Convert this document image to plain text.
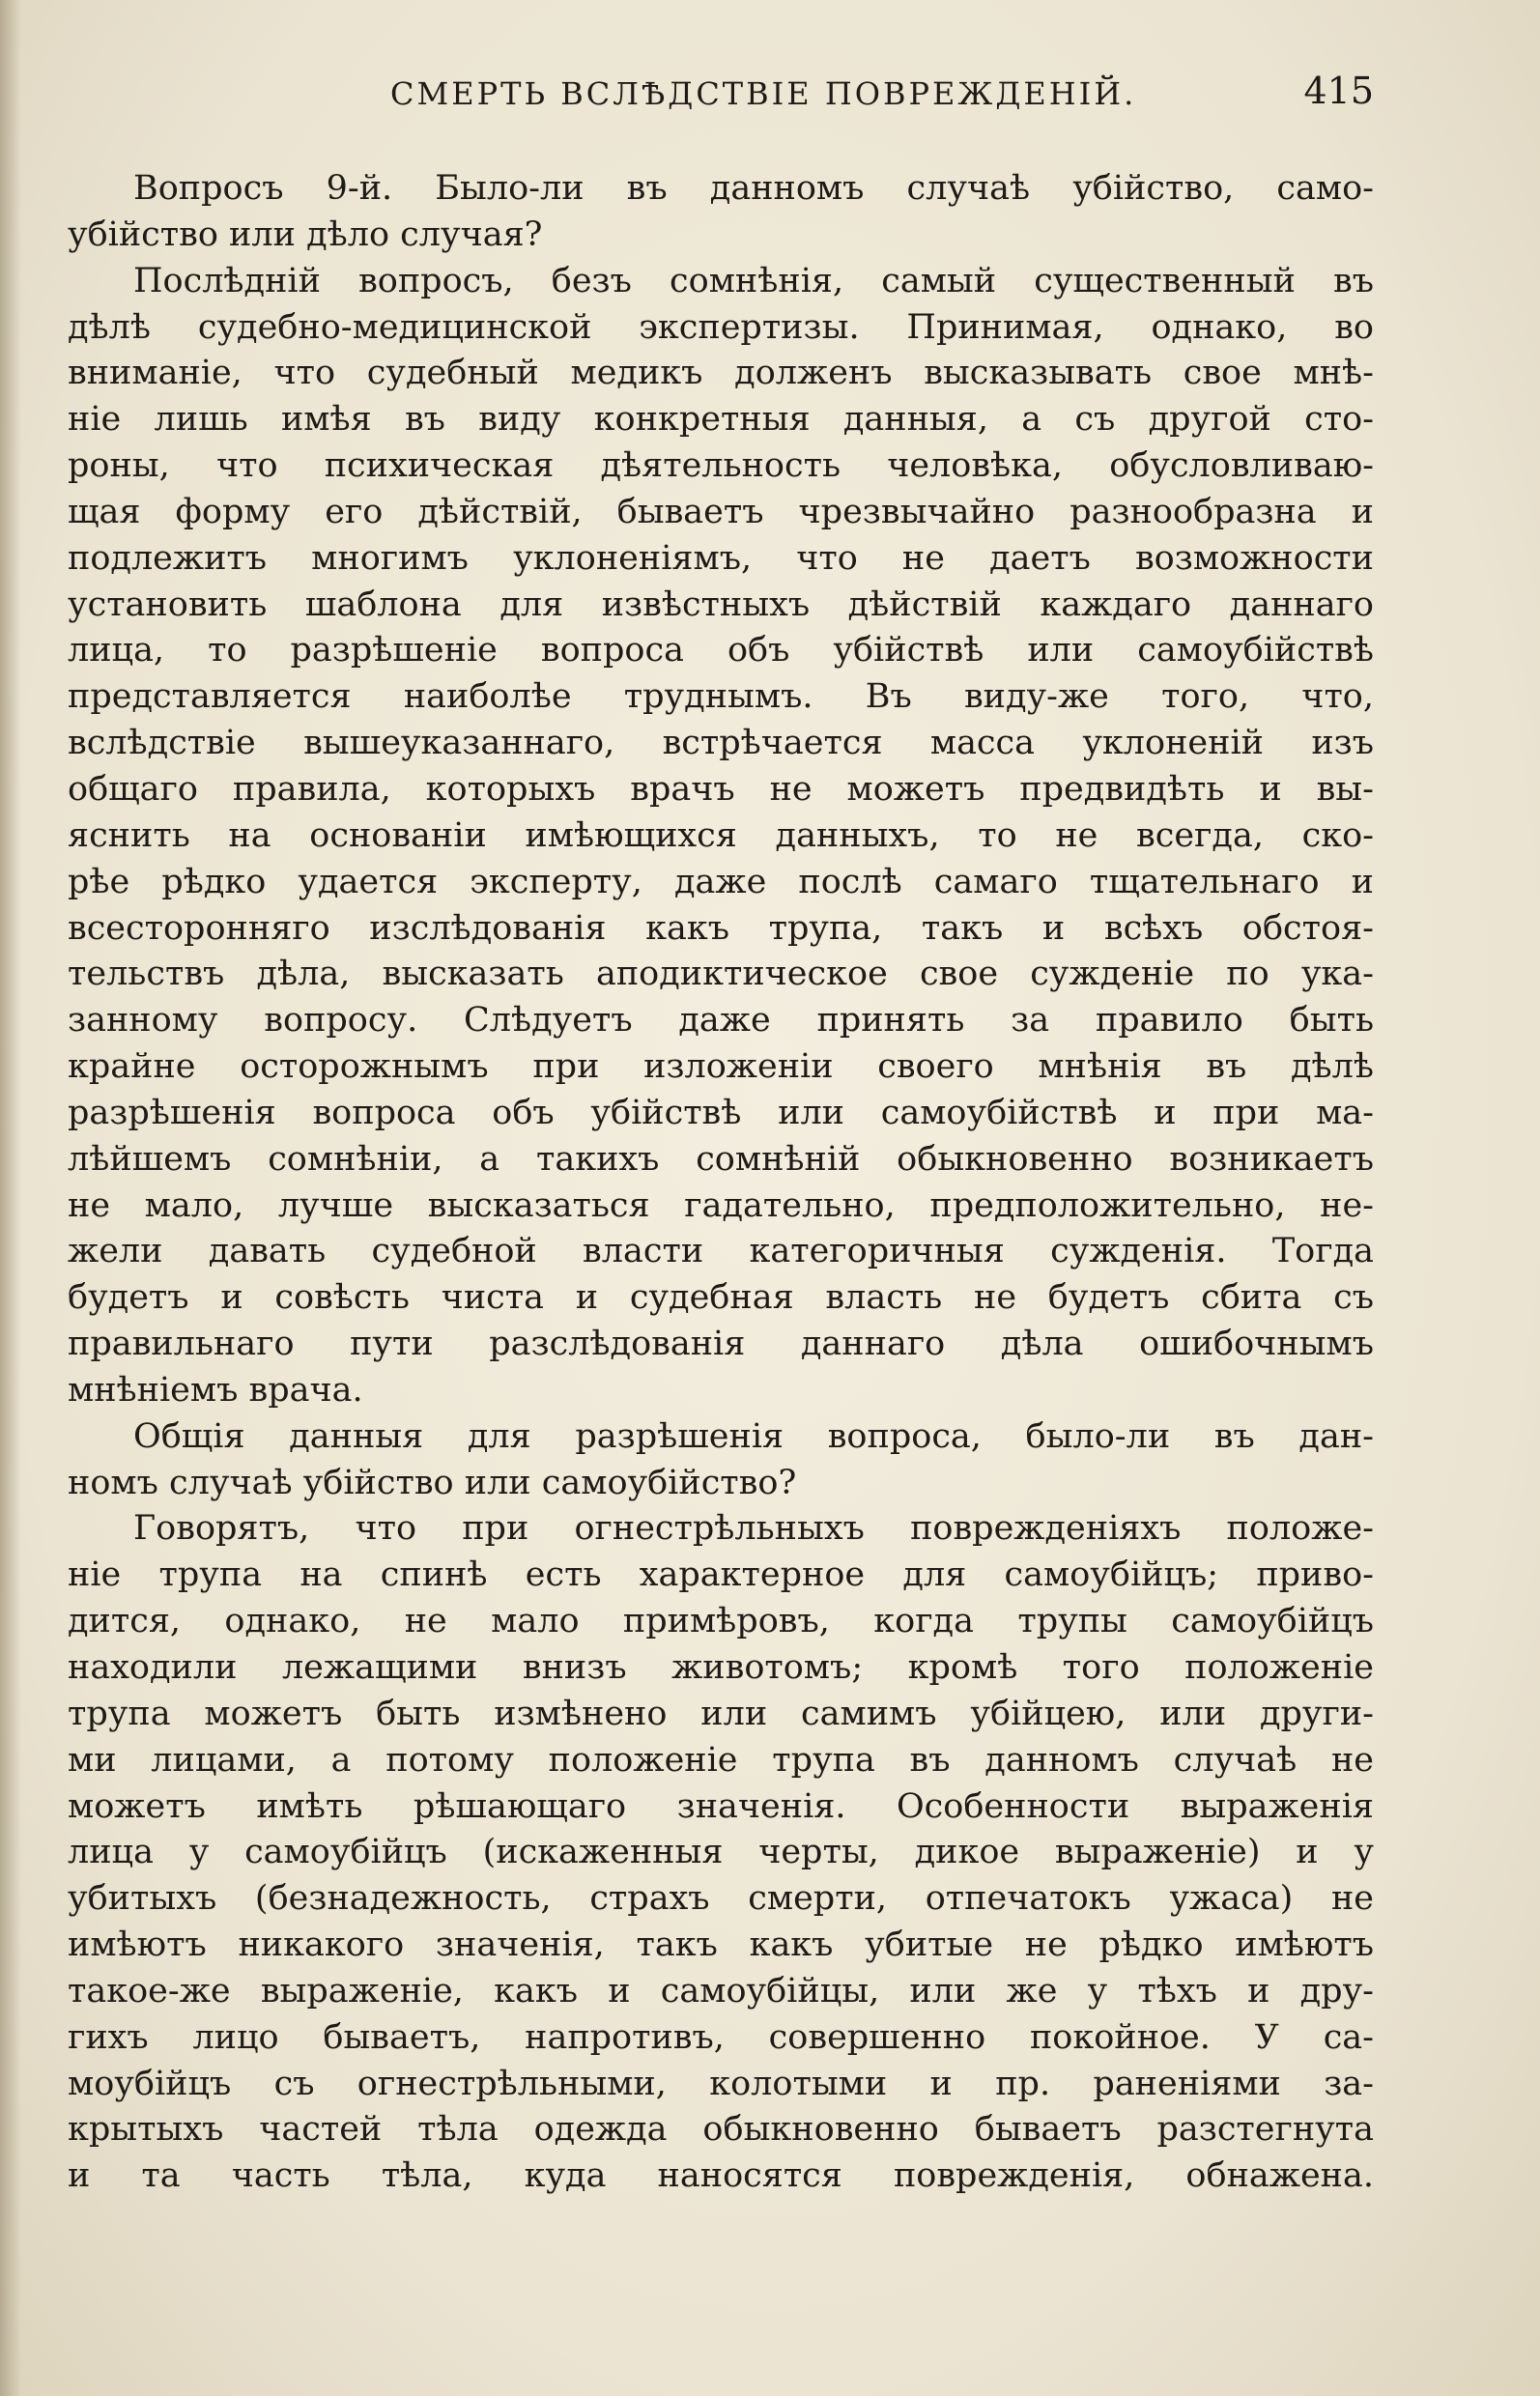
СМЕРТЬ ВСЛѢДСТВІЕ ПОВРЕЖДЕНІЙ.	415
Вопросъ 9-й. Было-ли въ данномъ случаѣ убійство, само-
убійство или дѣло случая?
Послѣдній вопросъ, безъ сомнѣнія, самый существенный въ
дѣлѣ судебно-медицинской экспертизы. Принимая, однако, во
вниманіе, что судебный медикъ долженъ высказывать свое мнѣ-
ніе лишь имѣя въ виду конкретныя данныя, а съ другой сто-
роны, что психическая дѣятельность человѣка, обусловливаю-
щая форму его дѣйствій, бываетъ чрезвычайно разнообразна и
подлежитъ многимъ уклоненіямъ, что не даетъ возможности
установить шаблона для извѣстныхъ дѣйствій каждаго даннаго
лица, то разрѣшеніе вопроса объ убійствѣ или самоубійствѣ
представляется наиболѣе труднымъ. Въ виду-же того, что,
вслѣдствіе вышеуказаннаго, встрѣчается масса уклоненій изъ
общаго правила, которыхъ врачъ не можетъ предвидѣть и вы-
яснить на основаніи имѣющихся данныхъ, то не всегда, ско-
рѣе рѣдко удается эксперту, даже послѣ самаго тщательнаго и
всесторонняго изслѣдованія какъ трупа, такъ и всѣхъ обстоя-
тельствъ дѣла, высказать аподиктическое свое сужденіе по ука-
занному вопросу. Слѣдуетъ даже принять за правило быть
крайне осторожнымъ при изложеніи своего мнѣнія въ дѣлѣ
разрѣшенія вопроса объ убійствѣ или самоубійствѣ и при ма-
лѣйшемъ сомнѣніи, а такихъ сомнѣній обыкновенно возникаетъ
не мало, лучше высказаться гадательно, предположительно, не-
жели давать судебной власти категоричныя сужденія. Тогда
будетъ и совѣсть чиста и судебная власть не будетъ сбита съ
правильнаго пути разслѣдованія даннаго дѣла ошибочнымъ
мнѣніемъ врача.
Общія данныя для разрѣшенія вопроса, было-ли въ дан-
номъ случаѣ убійство или самоубійство?
Говорятъ, что при огнестрѣльныхъ поврежденіяхъ положе-
ніе трупа на спинѣ есть характерное для самоубійцъ; приво-
дится, однако, не мало примѣровъ, когда трупы самоубійцъ
находили лежащими внизъ животомъ; кромѣ того положеніе
трупа можетъ быть измѣнено или самимъ убійцею, или други-
ми лицами, а потому положеніе трупа въ данномъ случаѣ не
можетъ имѣть рѣшающаго значенія. Особенности выраженія
лица у самоубійцъ (искаженныя черты, дикое выраженіе) и у
убитыхъ (безнадежность, страхъ смерти, отпечатокъ ужаса) не
имѣютъ никакого значенія, такъ какъ убитые не рѣдко имѣютъ
такое-же выраженіе, какъ и самоубійцы, или же у тѣхъ и дру-
гихъ лицо бываетъ, напротивъ, совершенно покойное. У са-
моубійцъ съ огнестрѣльными, колотыми и пр. раненіями за-
крытыхъ частей тѣла одежда обыкновенно бываетъ разстегнута
и та часть тѣла, куда наносятся поврежденія, обнажена.
